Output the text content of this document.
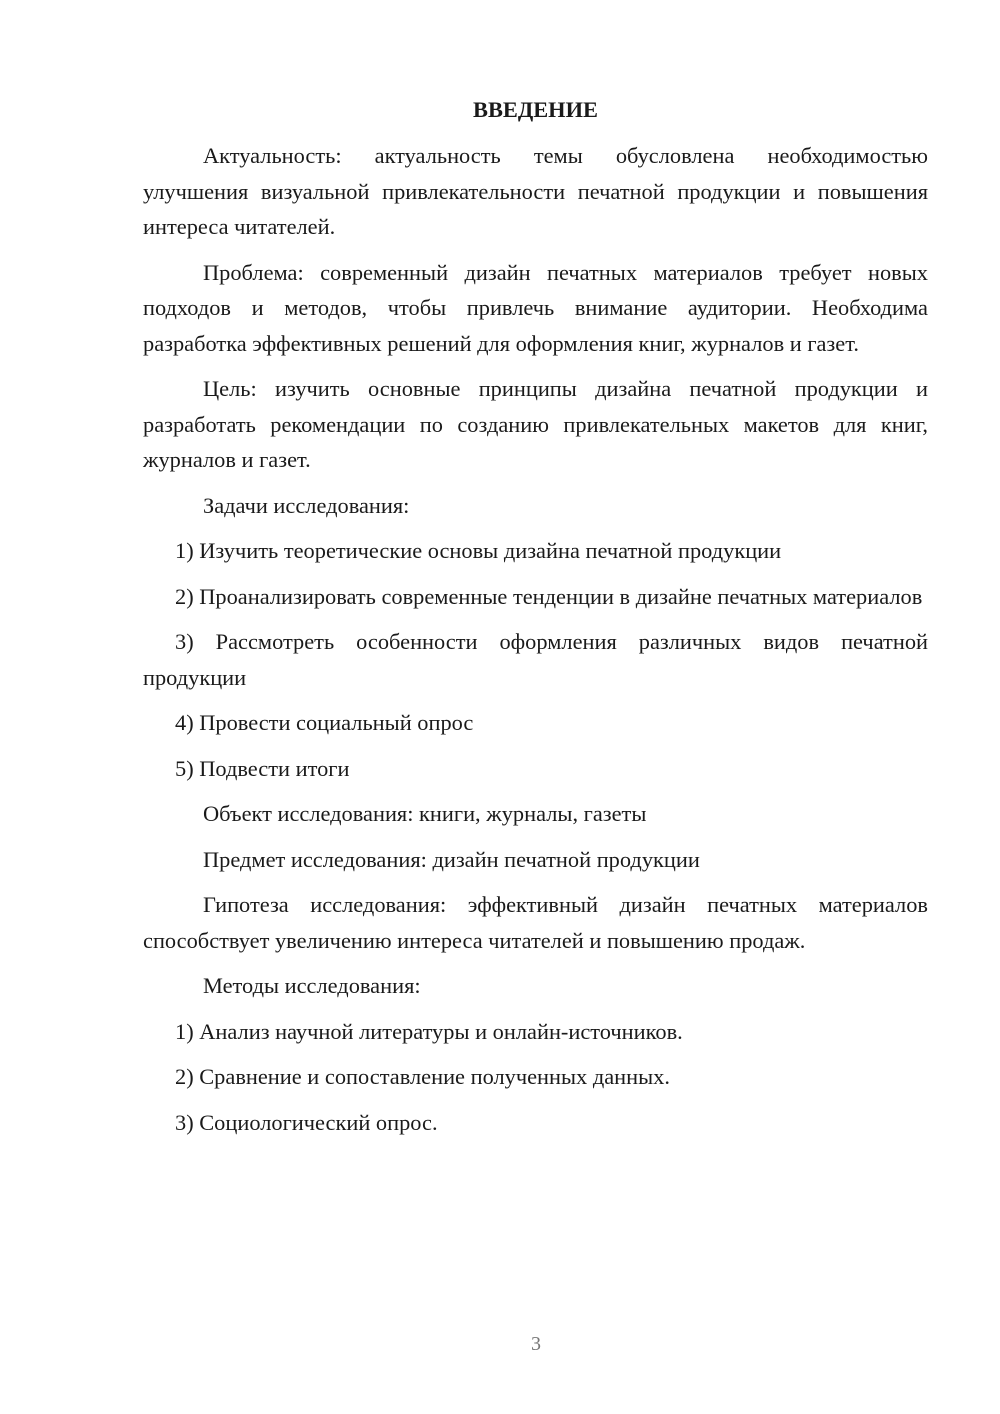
ВВЕДЕНИЕ

Актуальность: актуальность темы обусловлена необходимостью улучшения визуальной привлекательности печатной продукции и повышения интереса читателей.

Проблема: современный дизайн печатных материалов требует новых подходов и методов, чтобы привлечь внимание аудитории. Необходима разработка эффективных решений для оформления книг, журналов и газет.

Цель: изучить основные принципы дизайна печатной продукции и разработать рекомендации по созданию привлекательных макетов для книг, журналов и газет.

Задачи исследования:

1) Изучить теоретические основы дизайна печатной продукции

2) Проанализировать современные тенденции в дизайне печатных материалов

3) Рассмотреть особенности оформления различных видов печатной продукции

4) Провести социальный опрос

5) Подвести итоги

Объект исследования: книги, журналы, газеты

Предмет исследования: дизайн печатной продукции

Гипотеза исследования: эффективный дизайн печатных материалов способствует увеличению интереса читателей и повышению продаж.

Методы исследования:

1) Анализ научной литературы и онлайн-источников.

2) Сравнение и сопоставление полученных данных.

3) Социологический опрос.

3
